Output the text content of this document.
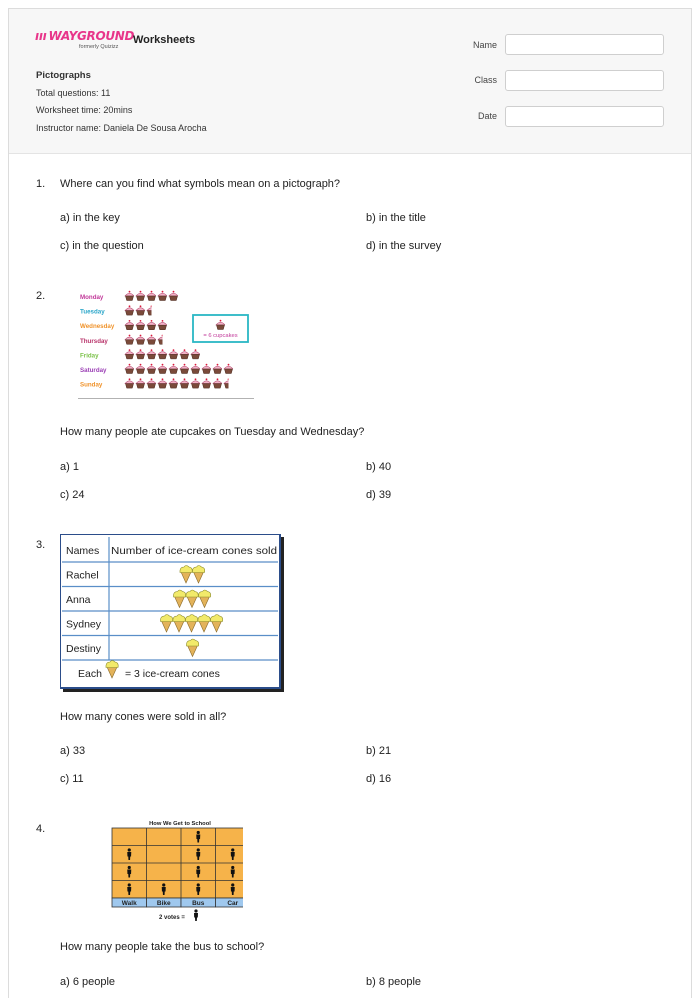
ııı WAYGROUND
formerly Quizizz
Worksheets
Pictographs
Total questions: 11
Worksheet time: 20mins
Instructor name: Daniela De Sousa Arocha
Name
Class
Date
1. Where can you find what symbols mean on a pictograph?
a) in the key	b) in the title
c) in the question	d) in the survey
2.	Monday
Tuesday
Wednesday
Thursday
Friday
Saturday
Sunday
= 6 cupcakes
How many people ate cupcakes on Tuesday and Wednesday?
a) 1	b) 40
c) 24	d) 39
3. Names Number of ice-cream cones sold
Rachel
Anna
Sydney
Destiny
Each = 3 ice-cream cones
How many cones were sold in all?
a) 33	b) 21
c) 11	d) 16
4.	How We Get to School
Walk	Bike	Bus	Car
2 votes =
How many people take the bus to school?
a) 6 people	b) 8 people
